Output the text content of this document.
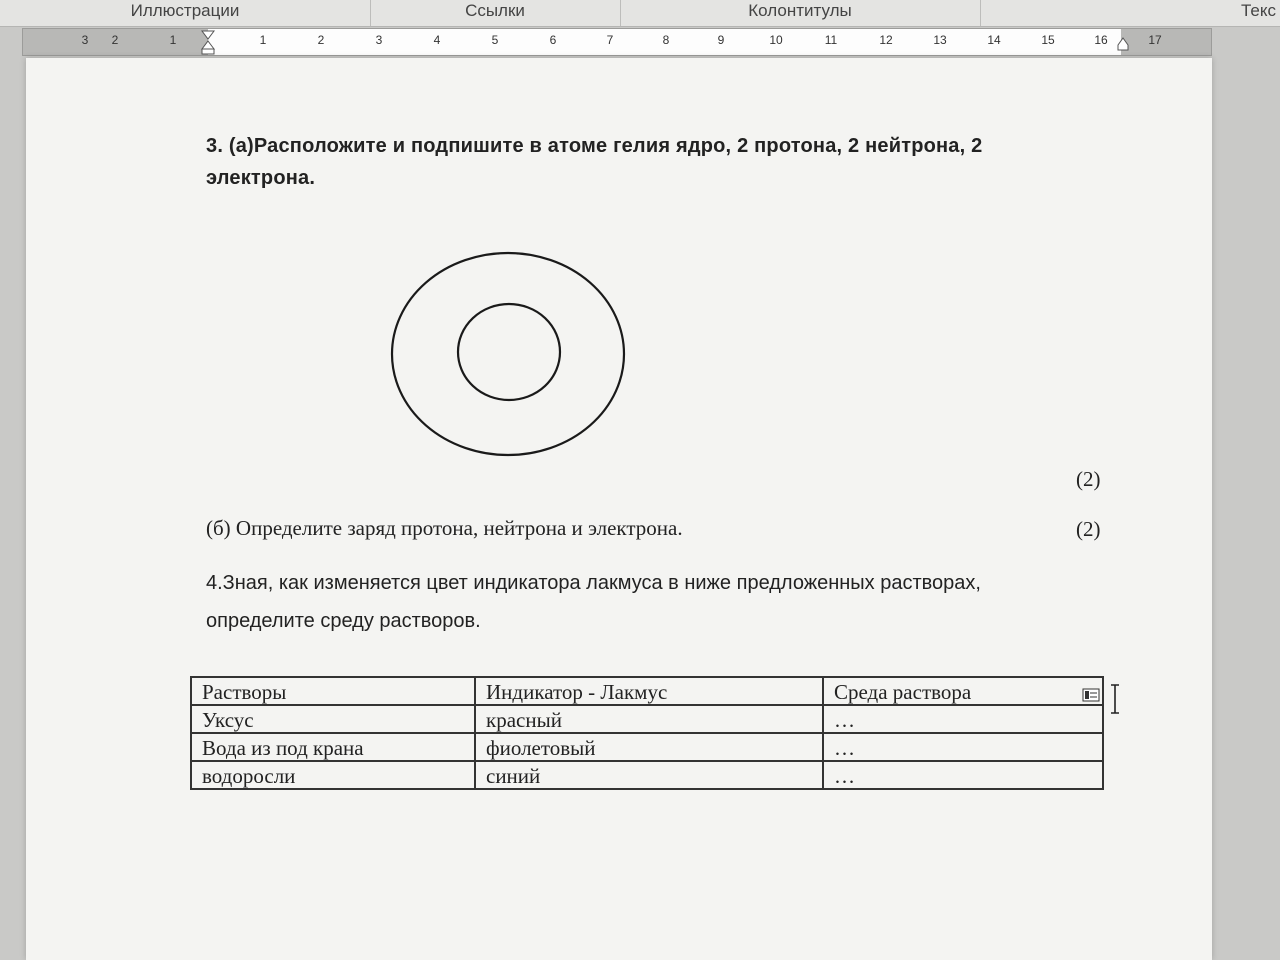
Иллюстрации	Ссылки	Колонтитулы	Текс
3 2	1	1	2	3	4	5	6	7	8	9	10	11	12	13	14	15	16	17
3. (а)Расположите и подпишите в атоме гелия ядро, 2 протона, 2 нейтрона, 2 электрона.
(2)
(б) Определите заряд протона, нейтрона и электрона.	(2)
4.Зная, как изменяется цвет индикатора лакмуса в ниже предложенных растворах, определите среду растворов.
Растворы	Индикатор - Лакмус	Среда раствора
Уксус	красный	…
Вода из под крана	фиолетовый	…
водоросли	синий	…
